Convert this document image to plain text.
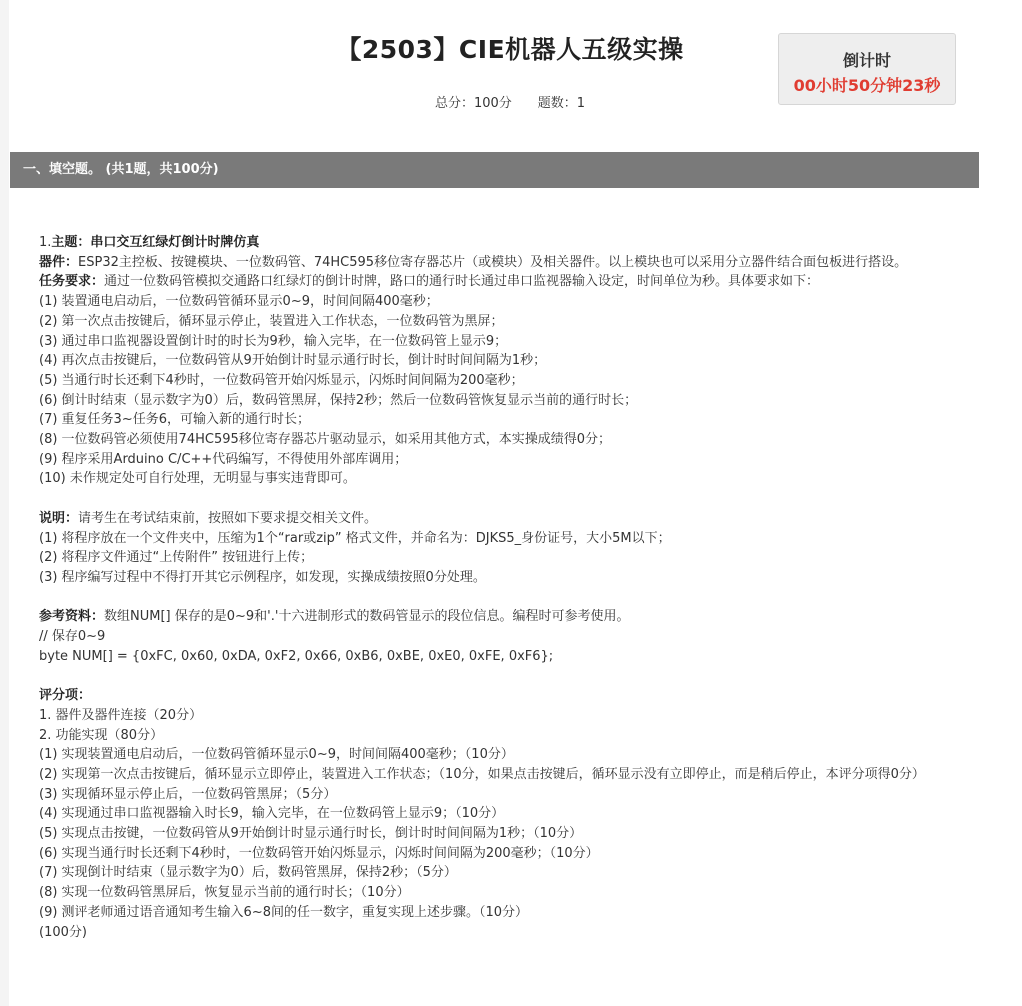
【2503】CIE机器人五级实操
总分：100分 题数：1
倒计时
00小时50分钟23秒
一、填空题。 (共1题，共100分)
1.主题：串口交互红绿灯倒计时牌仿真
器件：ESP32主控板、按键模块、一位数码管、74HC595移位寄存器芯片（或模块）及相关器件。以上模块也可以采用分立器件结合面包板进行搭设。
任务要求：通过一位数码管模拟交通路口红绿灯的倒计时牌，路口的通行时长通过串口监视器输入设定，时间单位为秒。具体要求如下：
(1) 装置通电启动后，一位数码管循环显示0~9，时间间隔400毫秒；
(2) 第一次点击按键后，循环显示停止，装置进入工作状态，一位数码管为黑屏；
(3) 通过串口监视器设置倒计时的时长为9秒，输入完毕，在一位数码管上显示9；
(4) 再次点击按键后，一位数码管从9开始倒计时显示通行时长，倒计时时间间隔为1秒；
(5) 当通行时长还剩下4秒时，一位数码管开始闪烁显示，闪烁时间间隔为200毫秒；
(6) 倒计时结束（显示数字为0）后，数码管黑屏，保持2秒；然后一位数码管恢复显示当前的通行时长；
(7) 重复任务3~任务6，可输入新的通行时长；
(8) 一位数码管必须使用74HC595移位寄存器芯片驱动显示，如采用其他方式，本实操成绩得0分；
(9) 程序采用Arduino C/C++代码编写，不得使用外部库调用；
(10) 未作规定处可自行处理，无明显与事实违背即可。
说明：请考生在考试结束前，按照如下要求提交相关文件。
(1) 将程序放在一个文件夹中，压缩为1个“rar或zip” 格式文件，并命名为：DJKS5_身份证号，大小5M以下；
(2) 将程序文件通过“上传附件” 按钮进行上传；
(3) 程序编写过程中不得打开其它示例程序，如发现，实操成绩按照0分处理。
参考资料：数组NUM[] 保存的是0~9和'.'十六进制形式的数码管显示的段位信息。编程时可参考使用。
// 保存0~9
byte NUM[] = {0xFC, 0x60, 0xDA, 0xF2, 0x66, 0xB6, 0xBE, 0xE0, 0xFE, 0xF6};
评分项：
1. 器件及器件连接（20分）
2. 功能实现（80分）
(1) 实现装置通电启动后，一位数码管循环显示0~9，时间间隔400毫秒；（10分）
(2) 实现第一次点击按键后，循环显示立即停止，装置进入工作状态；（10分，如果点击按键后，循环显示没有立即停止，而是稍后停止，本评分项得0分）
(3) 实现循环显示停止后，一位数码管黑屏；（5分）
(4) 实现通过串口监视器输入时长9，输入完毕，在一位数码管上显示9；（10分）
(5) 实现点击按键，一位数码管从9开始倒计时显示通行时长，倒计时时间间隔为1秒；（10分）
(6) 实现当通行时长还剩下4秒时，一位数码管开始闪烁显示，闪烁时间间隔为200毫秒；（10分）
(7) 实现倒计时结束（显示数字为0）后，数码管黑屏，保持2秒；（5分）
(8) 实现一位数码管黑屏后，恢复显示当前的通行时长；（10分）
(9) 测评老师通过语音通知考生输入6~8间的任一数字，重复实现上述步骤。（10分）
(100分)
